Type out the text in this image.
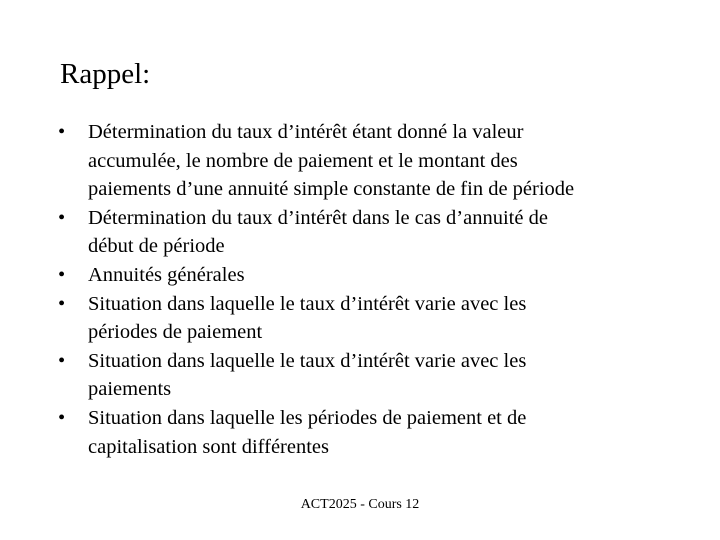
Rappel:
•	Détermination du taux d’intérêt étant donné la valeur
accumulée, le nombre de paiement et le montant des
paiements d’une annuité simple constante de fin de période
•	Détermination du taux d’intérêt dans le cas d’annuité de
début de période
•	Annuités générales
•	Situation dans laquelle le taux d’intérêt varie avec les
périodes de paiement
•	Situation dans laquelle le taux d’intérêt varie avec les
paiements
•	Situation dans laquelle les périodes de paiement et de
capitalisation sont différentes
ACT2025 - Cours 12
